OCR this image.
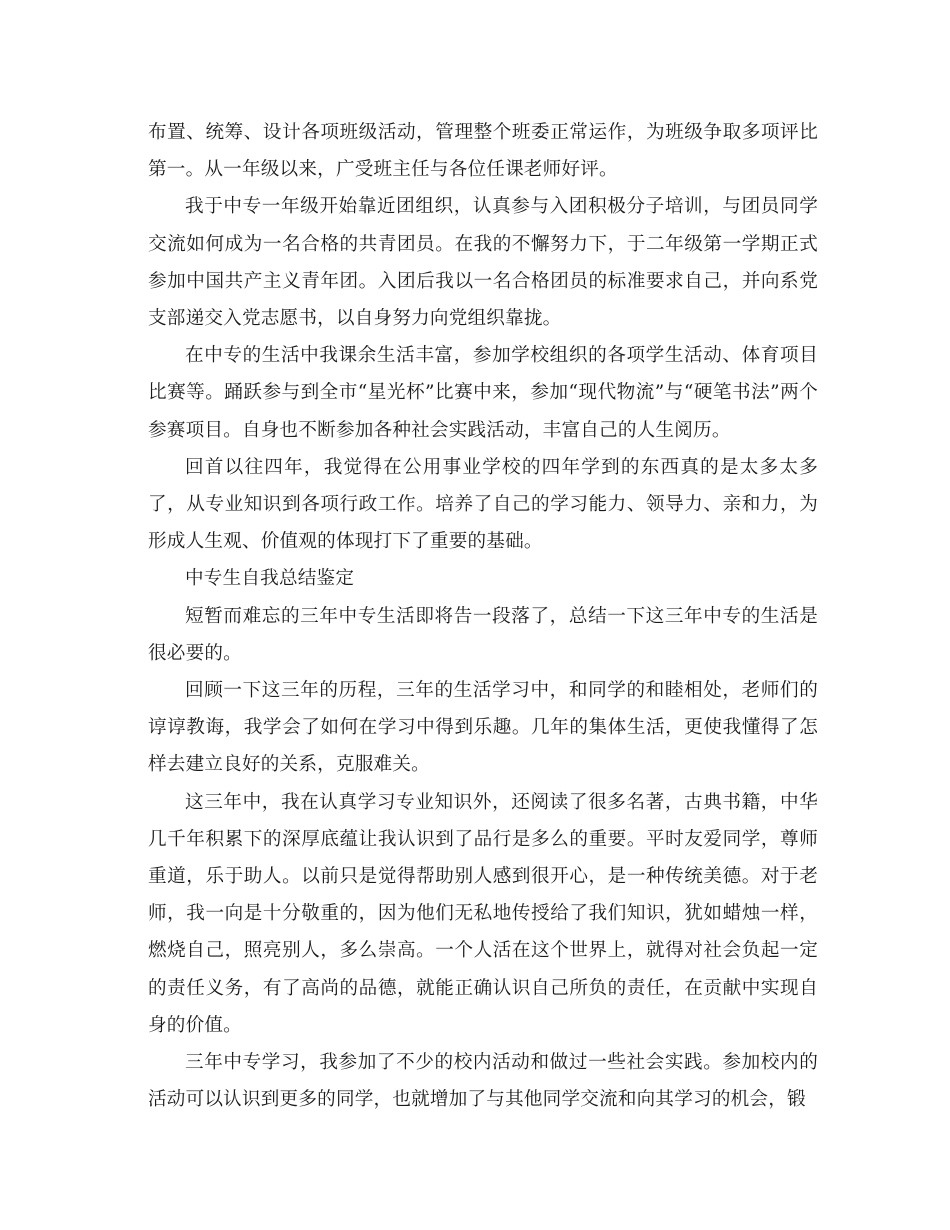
布置、统筹、设计各项班级活动，管理整个班委正常运作，为班级争取多项评比第一。从一年级以来，广受班主任与各位任课老师好评。

我于中专一年级开始靠近团组织，认真参与入团积极分子培训，与团员同学交流如何成为一名合格的共青团员。在我的不懈努力下，于二年级第一学期正式参加中国共产主义青年团。入团后我以一名合格团员的标准要求自己，并向系党支部递交入党志愿书，以自身努力向党组织靠拢。

在中专的生活中我课余生活丰富，参加学校组织的各项学生活动、体育项目比赛等。踊跃参与到全市“星光杯”比赛中来，参加“现代物流”与“硬笔书法”两个参赛项目。自身也不断参加各种社会实践活动，丰富自己的人生阅历。

回首以往四年，我觉得在公用事业学校的四年学到的东西真的是太多太多了，从专业知识到各项行政工作。培养了自己的学习能力、领导力、亲和力，为形成人生观、价值观的体现打下了重要的基础。

中专生自我总结鉴定

短暂而难忘的三年中专生活即将告一段落了，总结一下这三年中专的生活是很必要的。

回顾一下这三年的历程，三年的生活学习中，和同学的和睦相处，老师们的谆谆教诲，我学会了如何在学习中得到乐趣。几年的集体生活，更使我懂得了怎样去建立良好的关系，克服难关。

这三年中，我在认真学习专业知识外，还阅读了很多名著，古典书籍，中华几千年积累下的深厚底蕴让我认识到了品行是多么的重要。平时友爱同学，尊师重道，乐于助人。以前只是觉得帮助别人感到很开心，是一种传统美德。对于老师，我一向是十分敬重的，因为他们无私地传授给了我们知识，犹如蜡烛一样，燃烧自己，照亮别人，多么崇高。一个人活在这个世界上，就得对社会负起一定的责任义务，有了高尚的品德，就能正确认识自己所负的责任，在贡献中实现自身的价值。

三年中专学习，我参加了不少的校内活动和做过一些社会实践。参加校内的活动可以认识到更多的同学，也就增加了与其他同学交流和向其学习的机会，锻
